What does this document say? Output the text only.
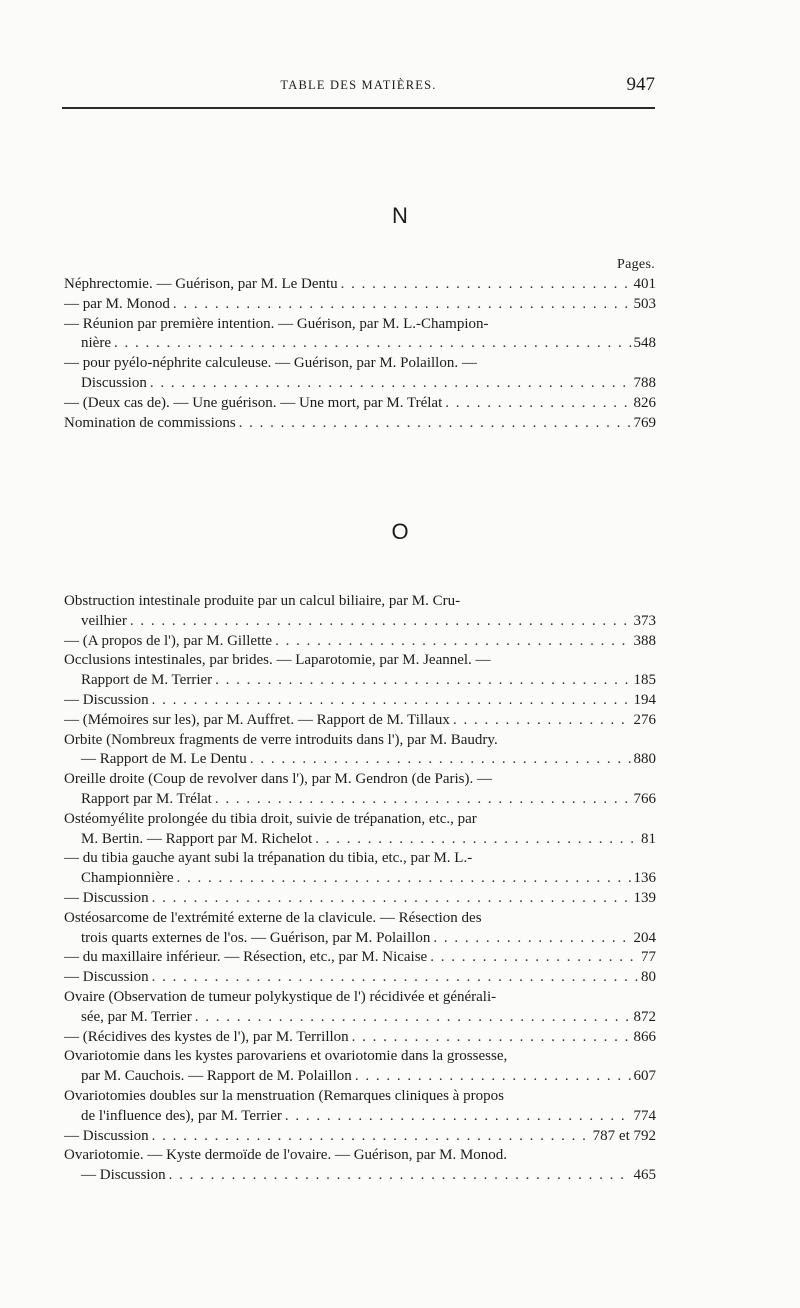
TABLE DES MATIÈRES.	947
N
Pages.
Néphrectomie. — Guérison, par M. Le Dentu . . .	401
— par M. Monod . . .	503
— Réunion par première intention. — Guérison, par M. L.-Champion-
nière . . .	548
— pour pyélo-néphrite calculeuse. — Guérison, par M. Polaillon. —
Discussion . . .	788
— (Deux cas de). — Une guérison. — Une mort, par M. Trélat . . .	826
Nomination de commissions . . .	769
O
Obstruction intestinale produite par un calcul biliaire, par M. Cru-
veilhier . . .	373
— (A propos de l'), par M. Gillette . . .	388
Occlusions intestinales, par brides. — Laparotomie, par M. Jeannel. —
Rapport de M. Terrier . . .	185
— Discussion . . .	194
— (Mémoires sur les), par M. Auffret. — Rapport de M. Tillaux . . .	276
Orbite (Nombreux fragments de verre introduits dans l'), par M. Baudry.
— Rapport de M. Le Dentu . . .	880
Oreille droite (Coup de revolver dans l'), par M. Gendron (de Paris). —
Rapport par M. Trélat . . .	766
Ostéomyélite prolongée du tibia droit, suivie de trépanation, etc., par
M. Bertin. — Rapport par M. Richelot . . .	81
— du tibia gauche ayant subi la trépanation du tibia, etc., par M. L.-
Championnière . . .	136
— Discussion . . .	139
Ostéosarcome de l'extrémité externe de la clavicule. — Résection des
trois quarts externes de l'os. — Guérison, par M. Polaillon . . .	204
— du maxillaire inférieur. — Résection, etc., par M. Nicaise . . .	77
— Discussion . . .	80
Ovaire (Observation de tumeur polykystique de l') récidivée et générali-
sée, par M. Terrier . . .	872
— (Récidives des kystes de l'), par M. Terrillon . . .	866
Ovariotomie dans les kystes parovariens et ovariotomie dans la grossesse,
par M. Cauchois. — Rapport de M. Polaillon . . .	607
Ovariotomies doubles sur la menstruation (Remarques cliniques à propos
de l'influence des), par M. Terrier . . .	774
— Discussion . . .	787 et 792
Ovariotomie. — Kyste dermoïde de l'ovaire. — Guérison, par M. Monod.
— Discussion . . .	465
